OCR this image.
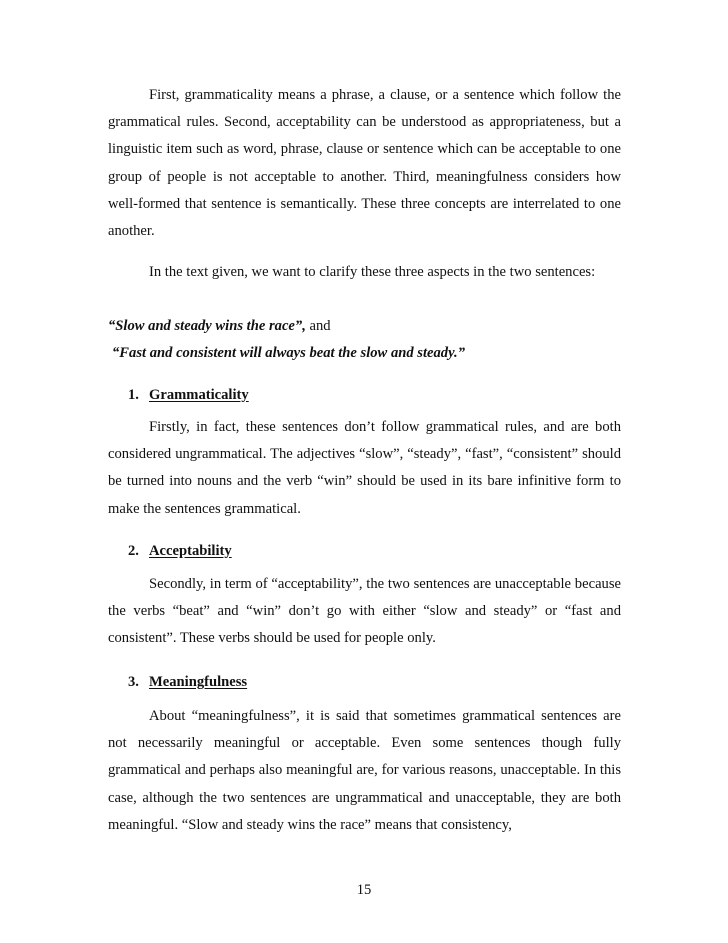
First, grammaticality means a phrase, a clause, or a sentence which follow the grammatical rules. Second, acceptability can be understood as appropriateness, but a linguistic item such as word, phrase, clause or sentence which can be acceptable to one group of people is not acceptable to another. Third, meaningfulness considers how well-formed that sentence is semantically. These three concepts are interrelated to one another.
In the text given, we want to clarify these three aspects in the two sentences:
“Slow and steady wins the race”, and
“Fast and consistent will always beat the slow and steady.”
1. Grammaticality
Firstly, in fact, these sentences don’t follow grammatical rules, and are both considered ungrammatical. The adjectives “slow”, “steady”, “fast”, “consistent” should be turned into nouns and the verb “win” should be used in its bare infinitive form to make the sentences grammatical.
2. Acceptability
Secondly, in term of “acceptability”, the two sentences are unacceptable because the verbs “beat” and “win” don’t go with either “slow and steady” or “fast and consistent”. These verbs should be used for people only.
3. Meaningfulness
About “meaningfulness”, it is said that sometimes grammatical sentences are not necessarily meaningful or acceptable. Even some sentences though fully grammatical and perhaps also meaningful are, for various reasons, unacceptable. In this case, although the two sentences are ungrammatical and unacceptable, they are both meaningful. “Slow and steady wins the race” means that consistency,
15
